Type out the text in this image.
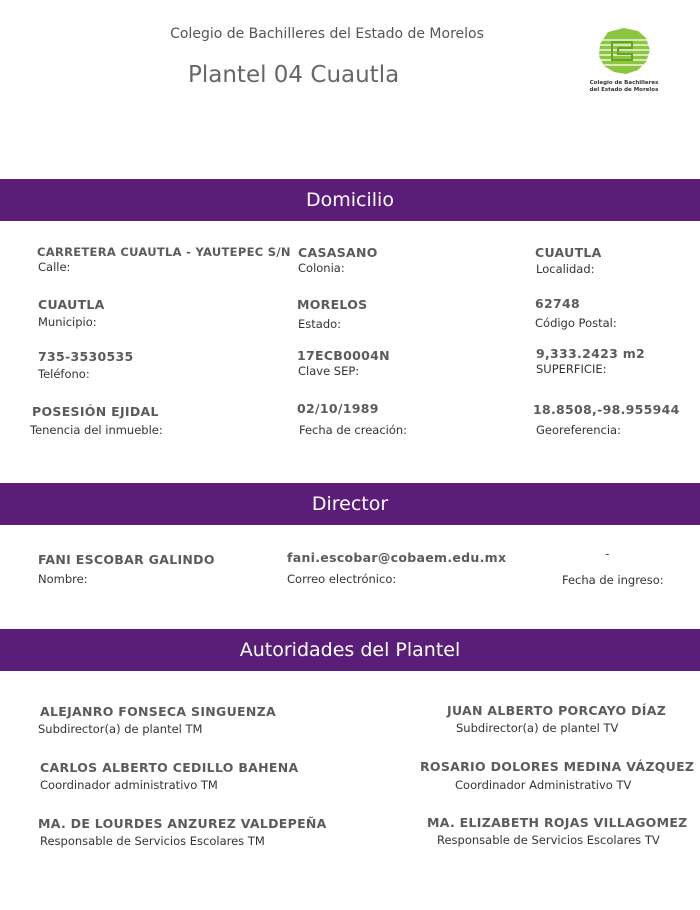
Colegio de Bachilleres del Estado de Morelos
Plantel 04 Cuautla	Colegio de Bachilleres
del Estado de Morelos
Domicilio
CARRETERA CUAUTLA - YAUTEPEC S/N
Calle:
CASASANO
Colonia:
CUAUTLA
Localidad:
CUAUTLA
Municipio:
MORELOS
Estado:
62748
Código Postal:
735-3530535
Teléfono:
17ECB0004N
Clave SEP:
9,333.2423 m2
SUPERFICIE:
POSESIÓN EJIDAL
Tenencia del inmueble:
02/10/1989
Fecha de creación:
18.8508,-98.955944
Georeferencia:
Director
FANI ESCOBAR GALINDO
Nombre:
fani.escobar@cobaem.edu.mx
Correo electrónico:
-
Fecha de ingreso:
Autoridades del Plantel
ALEJANRO FONSECA SINGUENZA
Subdirector(a) de plantel TM
JUAN ALBERTO PORCAYO DÍAZ
Subdirector(a) de plantel TV
CARLOS ALBERTO CEDILLO BAHENA
Coordinador administrativo TM
ROSARIO DOLORES MEDINA VÁZQUEZ
Coordinador Administrativo TV
MA. DE LOURDES ANZUREZ VALDEPEÑA
Responsable de Servicios Escolares TM
MA. ELIZABETH ROJAS VILLAGOMEZ
Responsable de Servicios Escolares TV
